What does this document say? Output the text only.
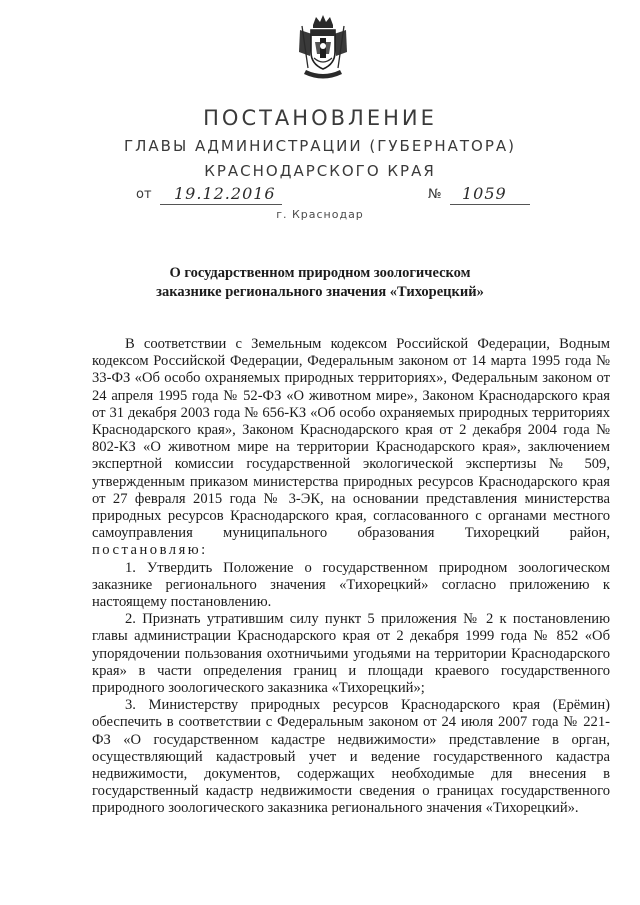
ПОСТАНОВЛЕНИЕ
ГЛАВЫ АДМИНИСТРАЦИИ (ГУБЕРНАТОРА)
КРАСНОДАРСКОГО КРАЯ
от 19.12.2016	№ 1059
г. Краснодар
О государственном природном зоологическом
заказнике регионального значения «Тихорецкий»

В соответствии с Земельным кодексом Российской Федерации, Водным кодексом Российской Федерации, Федеральным законом от 14 марта 1995 года № 33-ФЗ «Об особо охраняемых природных территориях», Федеральным законом от 24 апреля 1995 года № 52-ФЗ «О животном мире», Законом Краснодарского края от 31 декабря 2003 года № 656-КЗ «Об особо охраняемых природных территориях Краснодарского края», Законом Краснодарского края от 2 декабря 2004 года № 802-КЗ «О животном мире на территории Краснодарского края», заключением экспертной комиссии государственной экологической экспертизы № 509, утвержденным приказом министерства природных ресурсов Краснодарского края от 27 февраля 2015 года № 3-ЭК, на основании представления министерства природных ресурсов Краснодарского края, согласованного с органами местного самоуправления муниципального образования Тихорецкий район, постановляю:

1. Утвердить Положение о государственном природном зоологическом заказнике регионального значения «Тихорецкий» согласно приложению к настоящему постановлению.

2. Признать утратившим силу пункт 5 приложения № 2 к постановлению главы администрации Краснодарского края от 2 декабря 1999 года № 852 «Об упорядочении пользования охотничьими угодьями на территории Краснодарского края» в части определения границ и площади краевого государственного природного зоологического заказника «Тихорецкий»;

3. Министерству природных ресурсов Краснодарского края (Ерёмин) обеспечить в соответствии с Федеральным законом от 24 июля 2007 года № 221-ФЗ «О государственном кадастре недвижимости» представление в орган, осуществляющий кадастровый учет и ведение государственного кадастра недвижимости, документов, содержащих необходимые для внесения в государственный кадастр недвижимости сведения о границах государственного природного зоологического заказника регионального значения «Тихорецкий».
